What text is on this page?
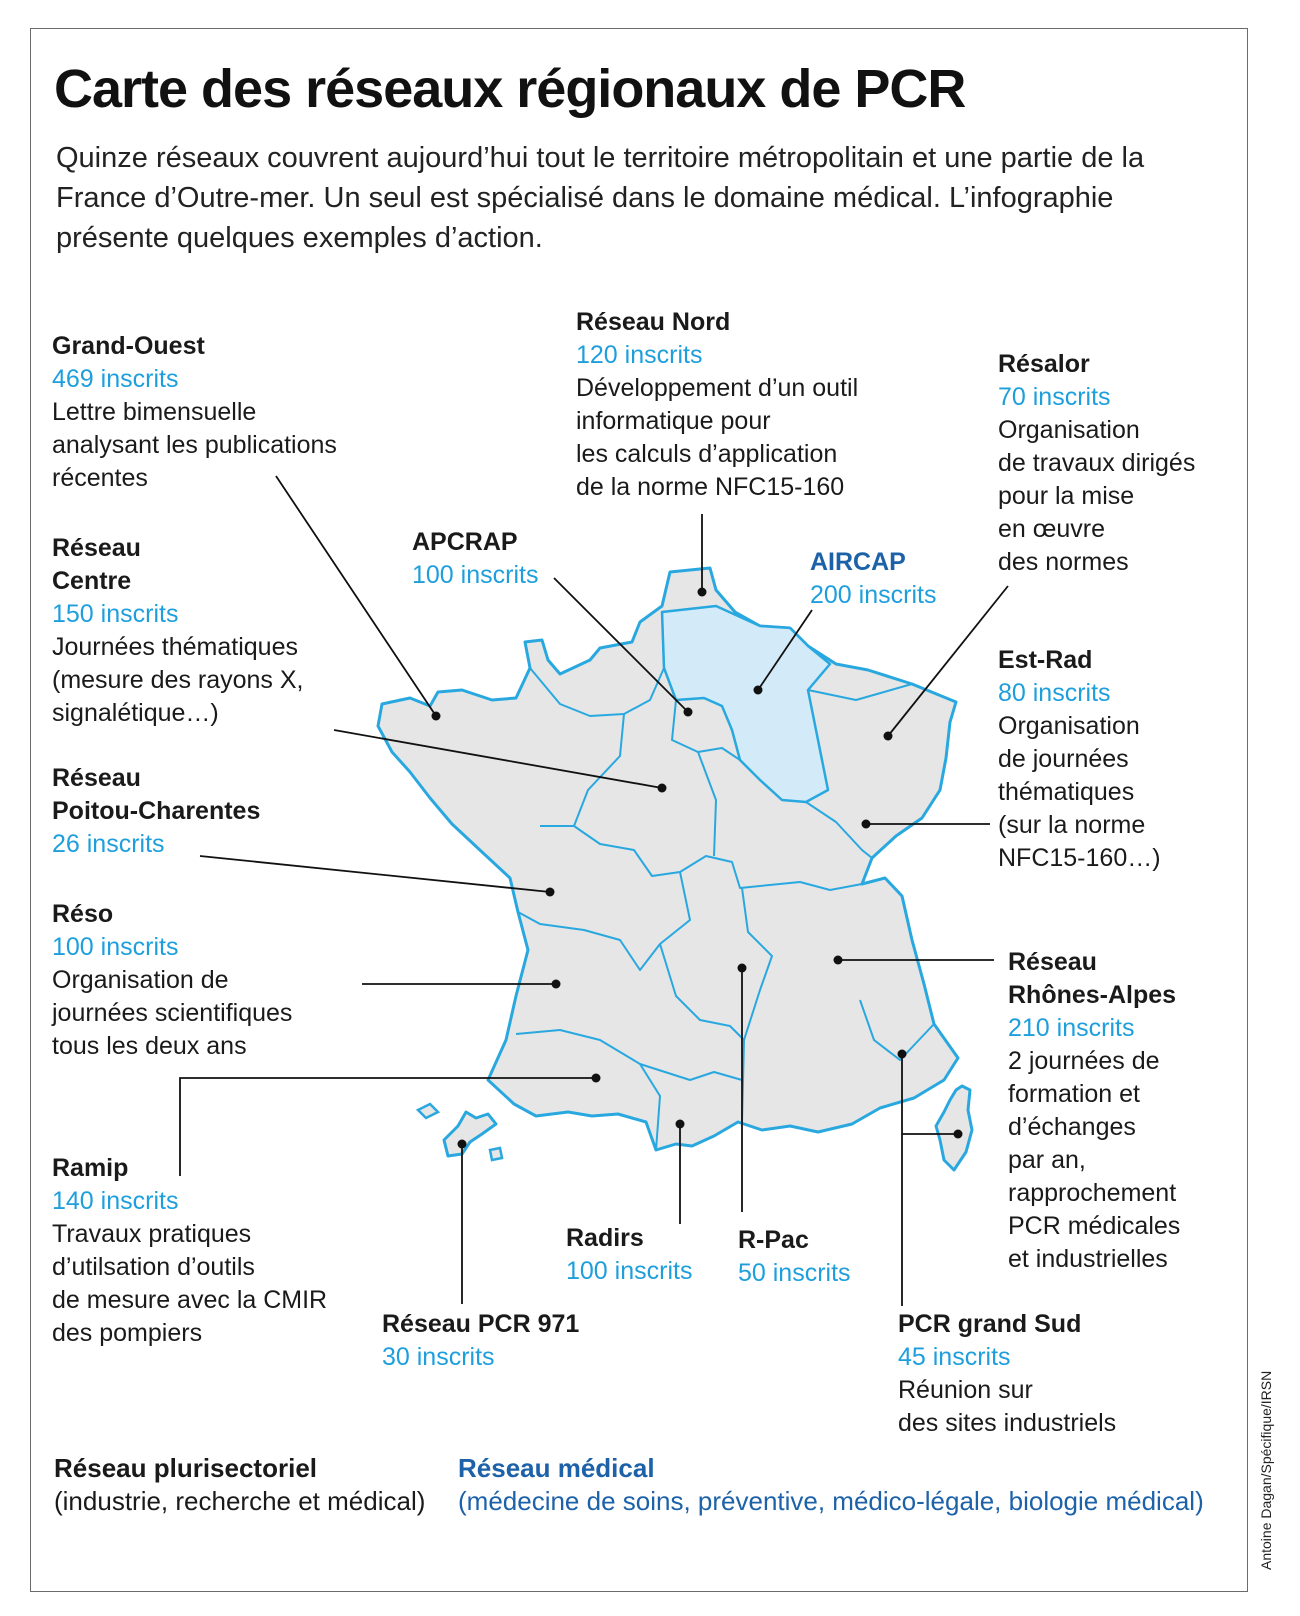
Carte des réseaux régionaux de PCR

Quinze réseaux couvrent aujourd’hui tout le territoire métropolitain et une partie de la France d’Outre-mer. Un seul est spécialisé dans le domaine médical. L’infographie présente quelques exemples d’action.

Grand-Ouest
469 inscrits
Lettre bimensuelle
analysant les publications
récentes
Réseau
Centre
150 inscrits
Journées thématiques
(mesure des rayons X,
signalétique…)
Réseau
Poitou-Charentes
26 inscrits
Réso
100 inscrits
Organisation de
journées scientifiques
tous les deux ans
Ramip
140 inscrits
Travaux pratiques
d’utilsation d’outils
de mesure avec la CMIR
des pompiers	Réseau PCR 971
30 inscrits
Radirs
100 inscrits
R-Pac
50 inscrits
PCR grand Sud
45 inscrits
Réunion sur
des sites industriels
Réseau
Rhônes-Alpes
210 inscrits
2 journées de
formation et
d’échanges
par an,
rapprochement
PCR médicales
et industrielles
Est-Rad
80 inscrits
Organisation
de journées
thématiques
(sur la norme
NFC15-160…)
Résalor
70 inscrits
Organisation
de travaux dirigés
pour la mise
en œuvre
des normes
AIRCAP
200 inscrits
APCRAP
100 inscrits
Réseau Nord
120 inscrits
Développement d’un outil
informatique pour
les calculs d’application
de la norme NFC15-160
Réseau plurisectoriel
(industrie, recherche et médical)
Réseau médical
(médecine de soins, préventive, médico-légale, biologie médical)	Antoine Dagan/Spécifique/IRSN
